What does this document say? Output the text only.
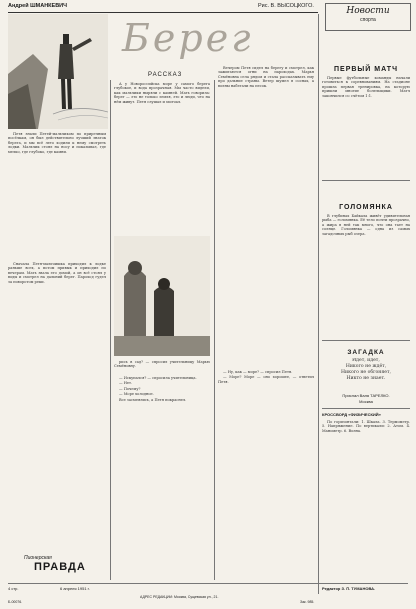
Андрей ШМАНКЕВИЧ	Рис. В. ВЫСОЦКОГО.	Новости
спорта
Берег
РАССКАЗ

Петя знали Петей-мальчиком по приречным посёлкам, он был действительно лучший знаток берега, и мы всё лето ходили к нему смотреть лодки. Мальчик стоял на носу и показывал, где мелко, где глубоко, где камни.

Сначала Петя-мальчишка приходил к лодке раньше всех, а потом привык и приходил по вечерам. Мать звала его домой, а он всё стоял у воды и смотрел на дальний берег. Пароход гудел за поворотом реки.

А у Новороссийска море у самого берега глубокое, и вода прозрачная. Мы часто видели, как мальчики ныряли с камней. Мать говорила: берег — это не только земля, это и люди, что на нём живут. Петя слушал и молчал.

рись в сад? — спросил учительницу Марью Семёновну.

— Искупался? — спросила учительница.

— Нет.

— Почему?

— Море холодное.

Все засмеялись, а Петя покраснел.

Вечером Петя сидел на берегу и смотрел, как зажигаются огни на пароходах. Марья Семёновна села рядом и стала рассказывать ему про дальние страны. Ветер шумел в соснах, а волны набегали на песок.

— Ну, как — море? — спросил Петя.

— Море? Море — оно хорошее, — ответил Петя.

ПЕРВЫЙ МАТЧ

Первые футбольные команды начали готовиться к соревнованиям. На стадионе прошла первая тренировка, на которую пришли многие болельщики. Матч закончился со счётом 1:1.

ГОЛОМЯНКА

В глубинах Байкала живёт удивительная рыба — голомянка. Её тело почти прозрачно, а жира в ней так много, что она тает на солнце. Голомянка — одна из самых загадочных рыб озера.

ЗАГАДКА

Идёт, идёт,

Никого не ждёт,

Никого не обгоняет,

Никто не знает.

Прислал Валя ТАРЕЛКО.
Москва
КРОССВОРД «ФИЗИЧЕСКИЙ»

По горизонтали: 1. Шкала. 3. Термометр. 5. Напряжение. По вертикали: 2. Атом. 4. Манометр. 6. Волна.

Пионерская
ПРАВДА
4 стр.	6 апреля 1951 г.	Редактор З. П. ТУМАНОВА.
АДРЕС РЕДАКЦИИ: Москва, Сущевская ул., 21.
Б-00076.	Зак. 985.
